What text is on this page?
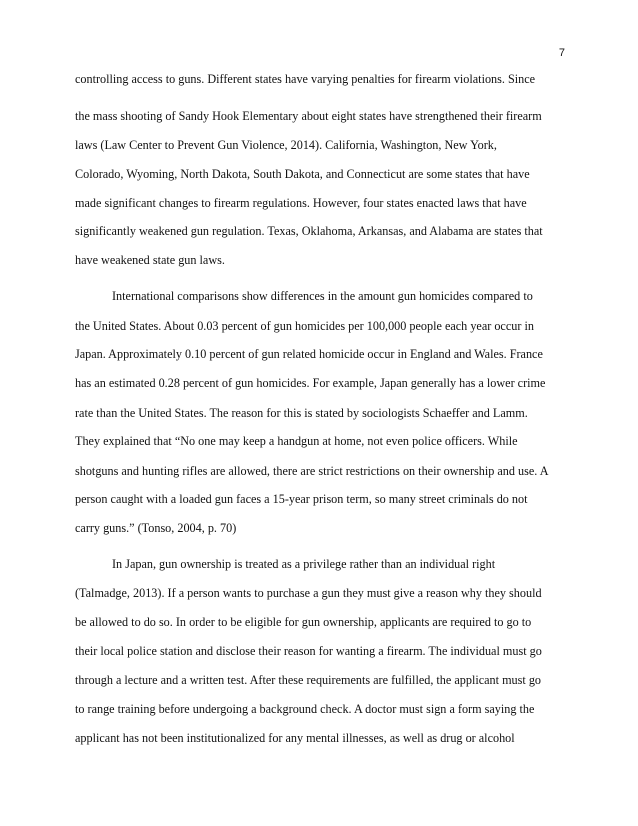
7
controlling access to guns. Different states have varying penalties for firearm violations. Since
the mass shooting of Sandy Hook Elementary about eight states have strengthened their firearm
laws (Law Center to Prevent Gun Violence, 2014). California, Washington, New York,
Colorado, Wyoming, North Dakota, South Dakota, and Connecticut are some states that have
made significant changes to firearm regulations. However, four states enacted laws that have
significantly weakened gun regulation. Texas, Oklahoma, Arkansas, and Alabama are states that
have weakened state gun laws.
International comparisons show differences in the amount gun homicides compared to
the United States. About 0.03 percent of gun homicides per 100,000 people each year occur in
Japan. Approximately 0.10 percent of gun related homicide occur in England and Wales. France
has an estimated 0.28 percent of gun homicides. For example, Japan generally has a lower crime
rate than the United States. The reason for this is stated by sociologists Schaeffer and Lamm.
They explained that “No one may keep a handgun at home, not even police officers. While
shotguns and hunting rifles are allowed, there are strict restrictions on their ownership and use. A
person caught with a loaded gun faces a 15-year prison term, so many street criminals do not
carry guns.” (Tonso, 2004, p. 70)
In Japan, gun ownership is treated as a privilege rather than an individual right
(Talmadge, 2013). If a person wants to purchase a gun they must give a reason why they should
be allowed to do so. In order to be eligible for gun ownership, applicants are required to go to
their local police station and disclose their reason for wanting a firearm. The individual must go
through a lecture and a written test. After these requirements are fulfilled, the applicant must go
to range training before undergoing a background check. A doctor must sign a form saying the
applicant has not been institutionalized for any mental illnesses, as well as drug or alcohol
